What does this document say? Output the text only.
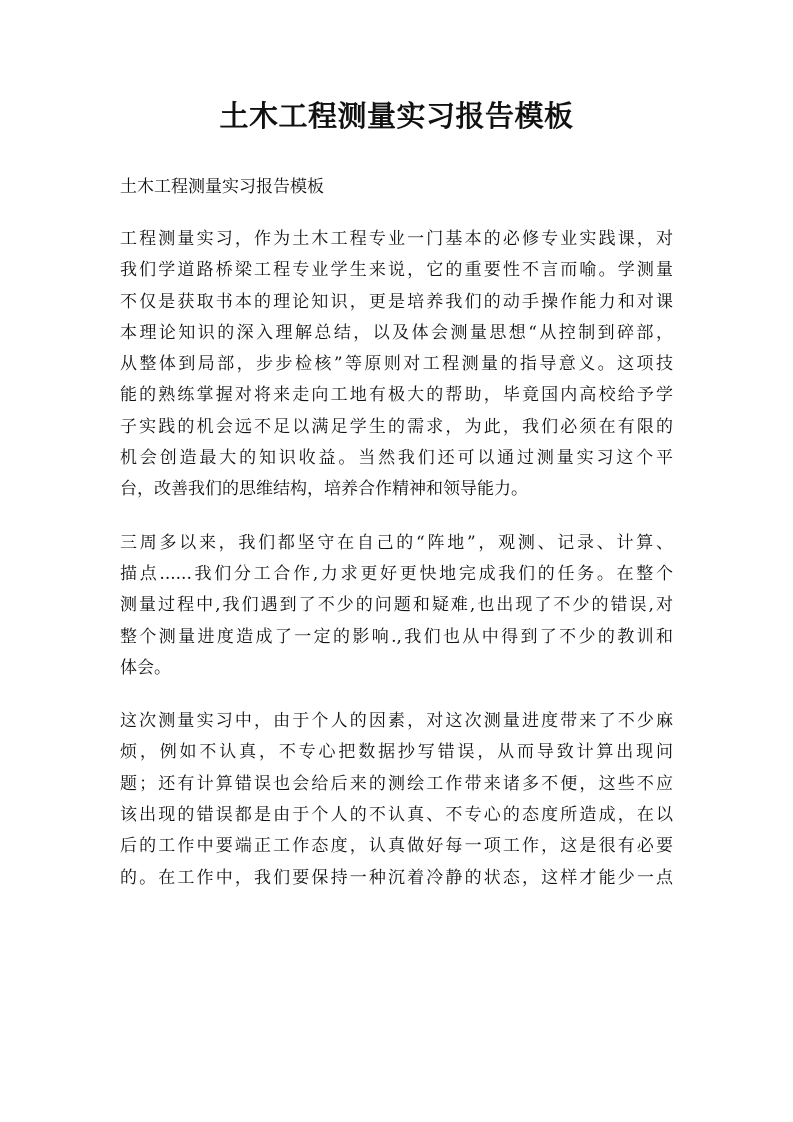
土木工程测量实习报告模板

土木工程测量实习报告模板

工程测量实习，作为土木工程专业一门基本的必修专业实践课，对
我们学道路桥梁工程专业学生来说，它的重要性不言而喻。学测量
不仅是获取书本的理论知识，更是培养我们的动手操作能力和对课
本理论知识的深入理解总结，以及体会测量思想“从控制到碎部，
从整体到局部，步步检核”等原则对工程测量的指导意义。这项技
能的熟练掌握对将来走向工地有极大的帮助，毕竟国内高校给予学
子实践的机会远不足以满足学生的需求，为此，我们必须在有限的
机会创造最大的知识收益。当然我们还可以通过测量实习这个平
台，改善我们的思维结构，培养合作精神和领导能力。
三周多以来，我们都坚守在自己的“阵地”，观测、记录、计算、
描点......我们分工合作,力求更好更快地完成我们的任务。在整个
测量过程中,我们遇到了不少的问题和疑难,也出现了不少的错误,对
整个测量进度造成了一定的影响.,我们也从中得到了不少的教训和
体会。
这次测量实习中，由于个人的因素，对这次测量进度带来了不少麻
烦，例如不认真，不专心把数据抄写错误，从而导致计算出现问
题；还有计算错误也会给后来的测绘工作带来诸多不便，这些不应
该出现的错误都是由于个人的不认真、不专心的态度所造成，在以
后的工作中要端正工作态度，认真做好每一项工作，这是很有必要
的。在工作中，我们要保持一种沉着冷静的状态，这样才能少一点
